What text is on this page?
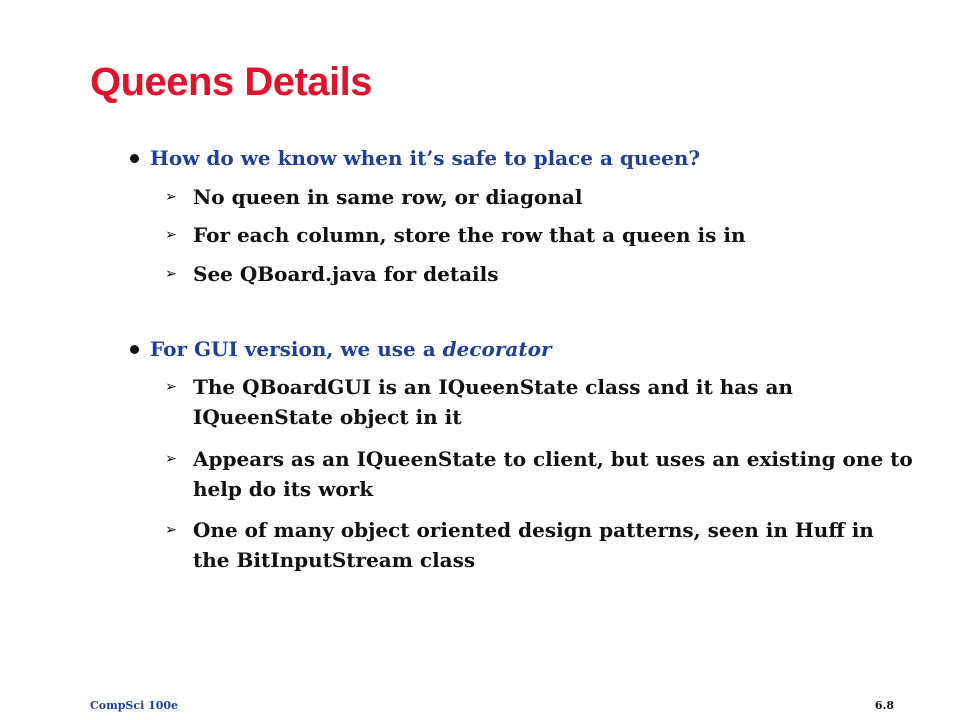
Queens Details
How do we know when it’s safe to place a queen?
➢ No queen in same row, or diagonal
➢ For each column, store the row that a queen is in
➢ See QBoard.java for details
For GUI version, we use a decorator
➢ The QBoardGUI is an IQueenState class and it has an IQueenState object in it
➢ Appears as an IQueenState to client, but uses an existing one to help do its work
➢ One of many object oriented design patterns, seen in Huff in the BitInputStream class
CompSci 100e	6.8
